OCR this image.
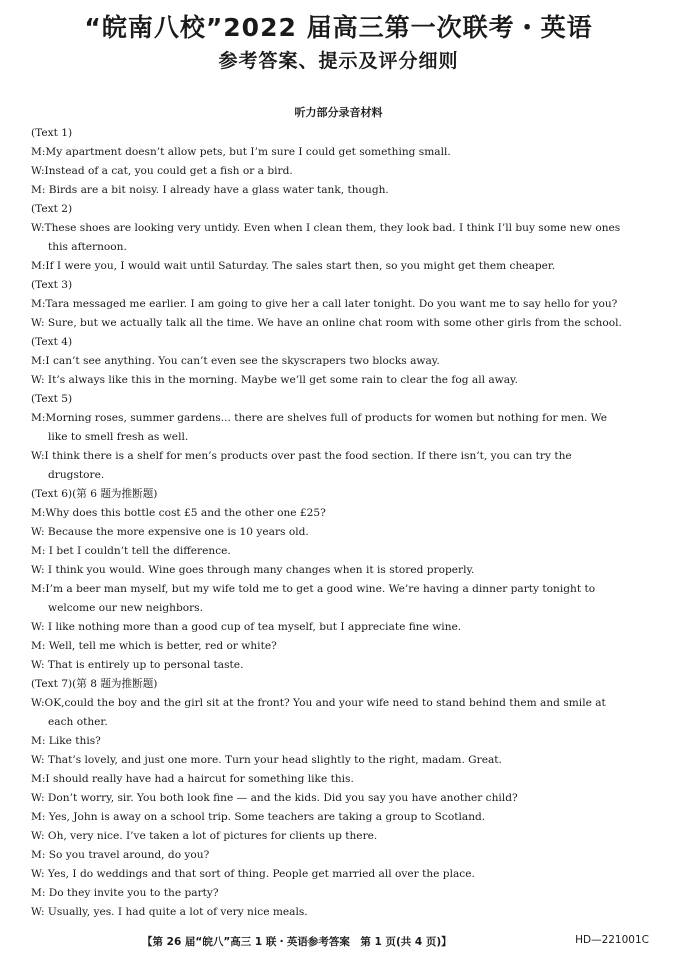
“皖南八校”2022 届高三第一次联考・英语
参考答案、提示及评分细则
听力部分录音材料
(Text 1)
M:My apartment doesn’t allow pets, but I’m sure I could get something small.
W:Instead of a cat, you could get a fish or a bird.
M: Birds are a bit noisy. I already have a glass water tank, though.
(Text 2)
W:These shoes are looking very untidy. Even when I clean them, they look bad. I think I’ll buy some new ones
this afternoon.
M:If I were you, I would wait until Saturday. The sales start then, so you might get them cheaper.
(Text 3)
M:Tara messaged me earlier. I am going to give her a call later tonight. Do you want me to say hello for you?
W: Sure, but we actually talk all the time. We have an online chat room with some other girls from the school.
(Text 4)
M:I can’t see anything. You can’t even see the skyscrapers two blocks away.
W: It’s always like this in the morning. Maybe we’ll get some rain to clear the fog all away.
(Text 5)
M:Morning roses, summer gardens... there are shelves full of products for women but nothing for men. We
like to smell fresh as well.
W:I think there is a shelf for men’s products over past the food section. If there isn’t, you can try the
drugstore.
(Text 6)(第 6 题为推断题)
M:Why does this bottle cost £5 and the other one £25?
W: Because the more expensive one is 10 years old.
M: I bet I couldn’t tell the difference.
W: I think you would. Wine goes through many changes when it is stored properly.
M:I’m a beer man myself, but my wife told me to get a good wine. We’re having a dinner party tonight to
welcome our new neighbors.
W: I like nothing more than a good cup of tea myself, but I appreciate fine wine.
M: Well, tell me which is better, red or white?
W: That is entirely up to personal taste.
(Text 7)(第 8 题为推断题)
W:OK,could the boy and the girl sit at the front? You and your wife need to stand behind them and smile at
each other.
M: Like this?
W: That’s lovely, and just one more. Turn your head slightly to the right, madam. Great.
M:I should really have had a haircut for something like this.
W: Don’t worry, sir. You both look fine — and the kids. Did you say you have another child?
M: Yes, John is away on a school trip. Some teachers are taking a group to Scotland.
W: Oh, very nice. I’ve taken a lot of pictures for clients up there.
M: So you travel around, do you?
W: Yes, I do weddings and that sort of thing. People get married all over the place.
M: Do they invite you to the party?
W: Usually, yes. I had quite a lot of very nice meals.
【第 26 届“皖八”高三 1 联・英语参考答案　第 1 页(共 4 页)】	HD—221001C
